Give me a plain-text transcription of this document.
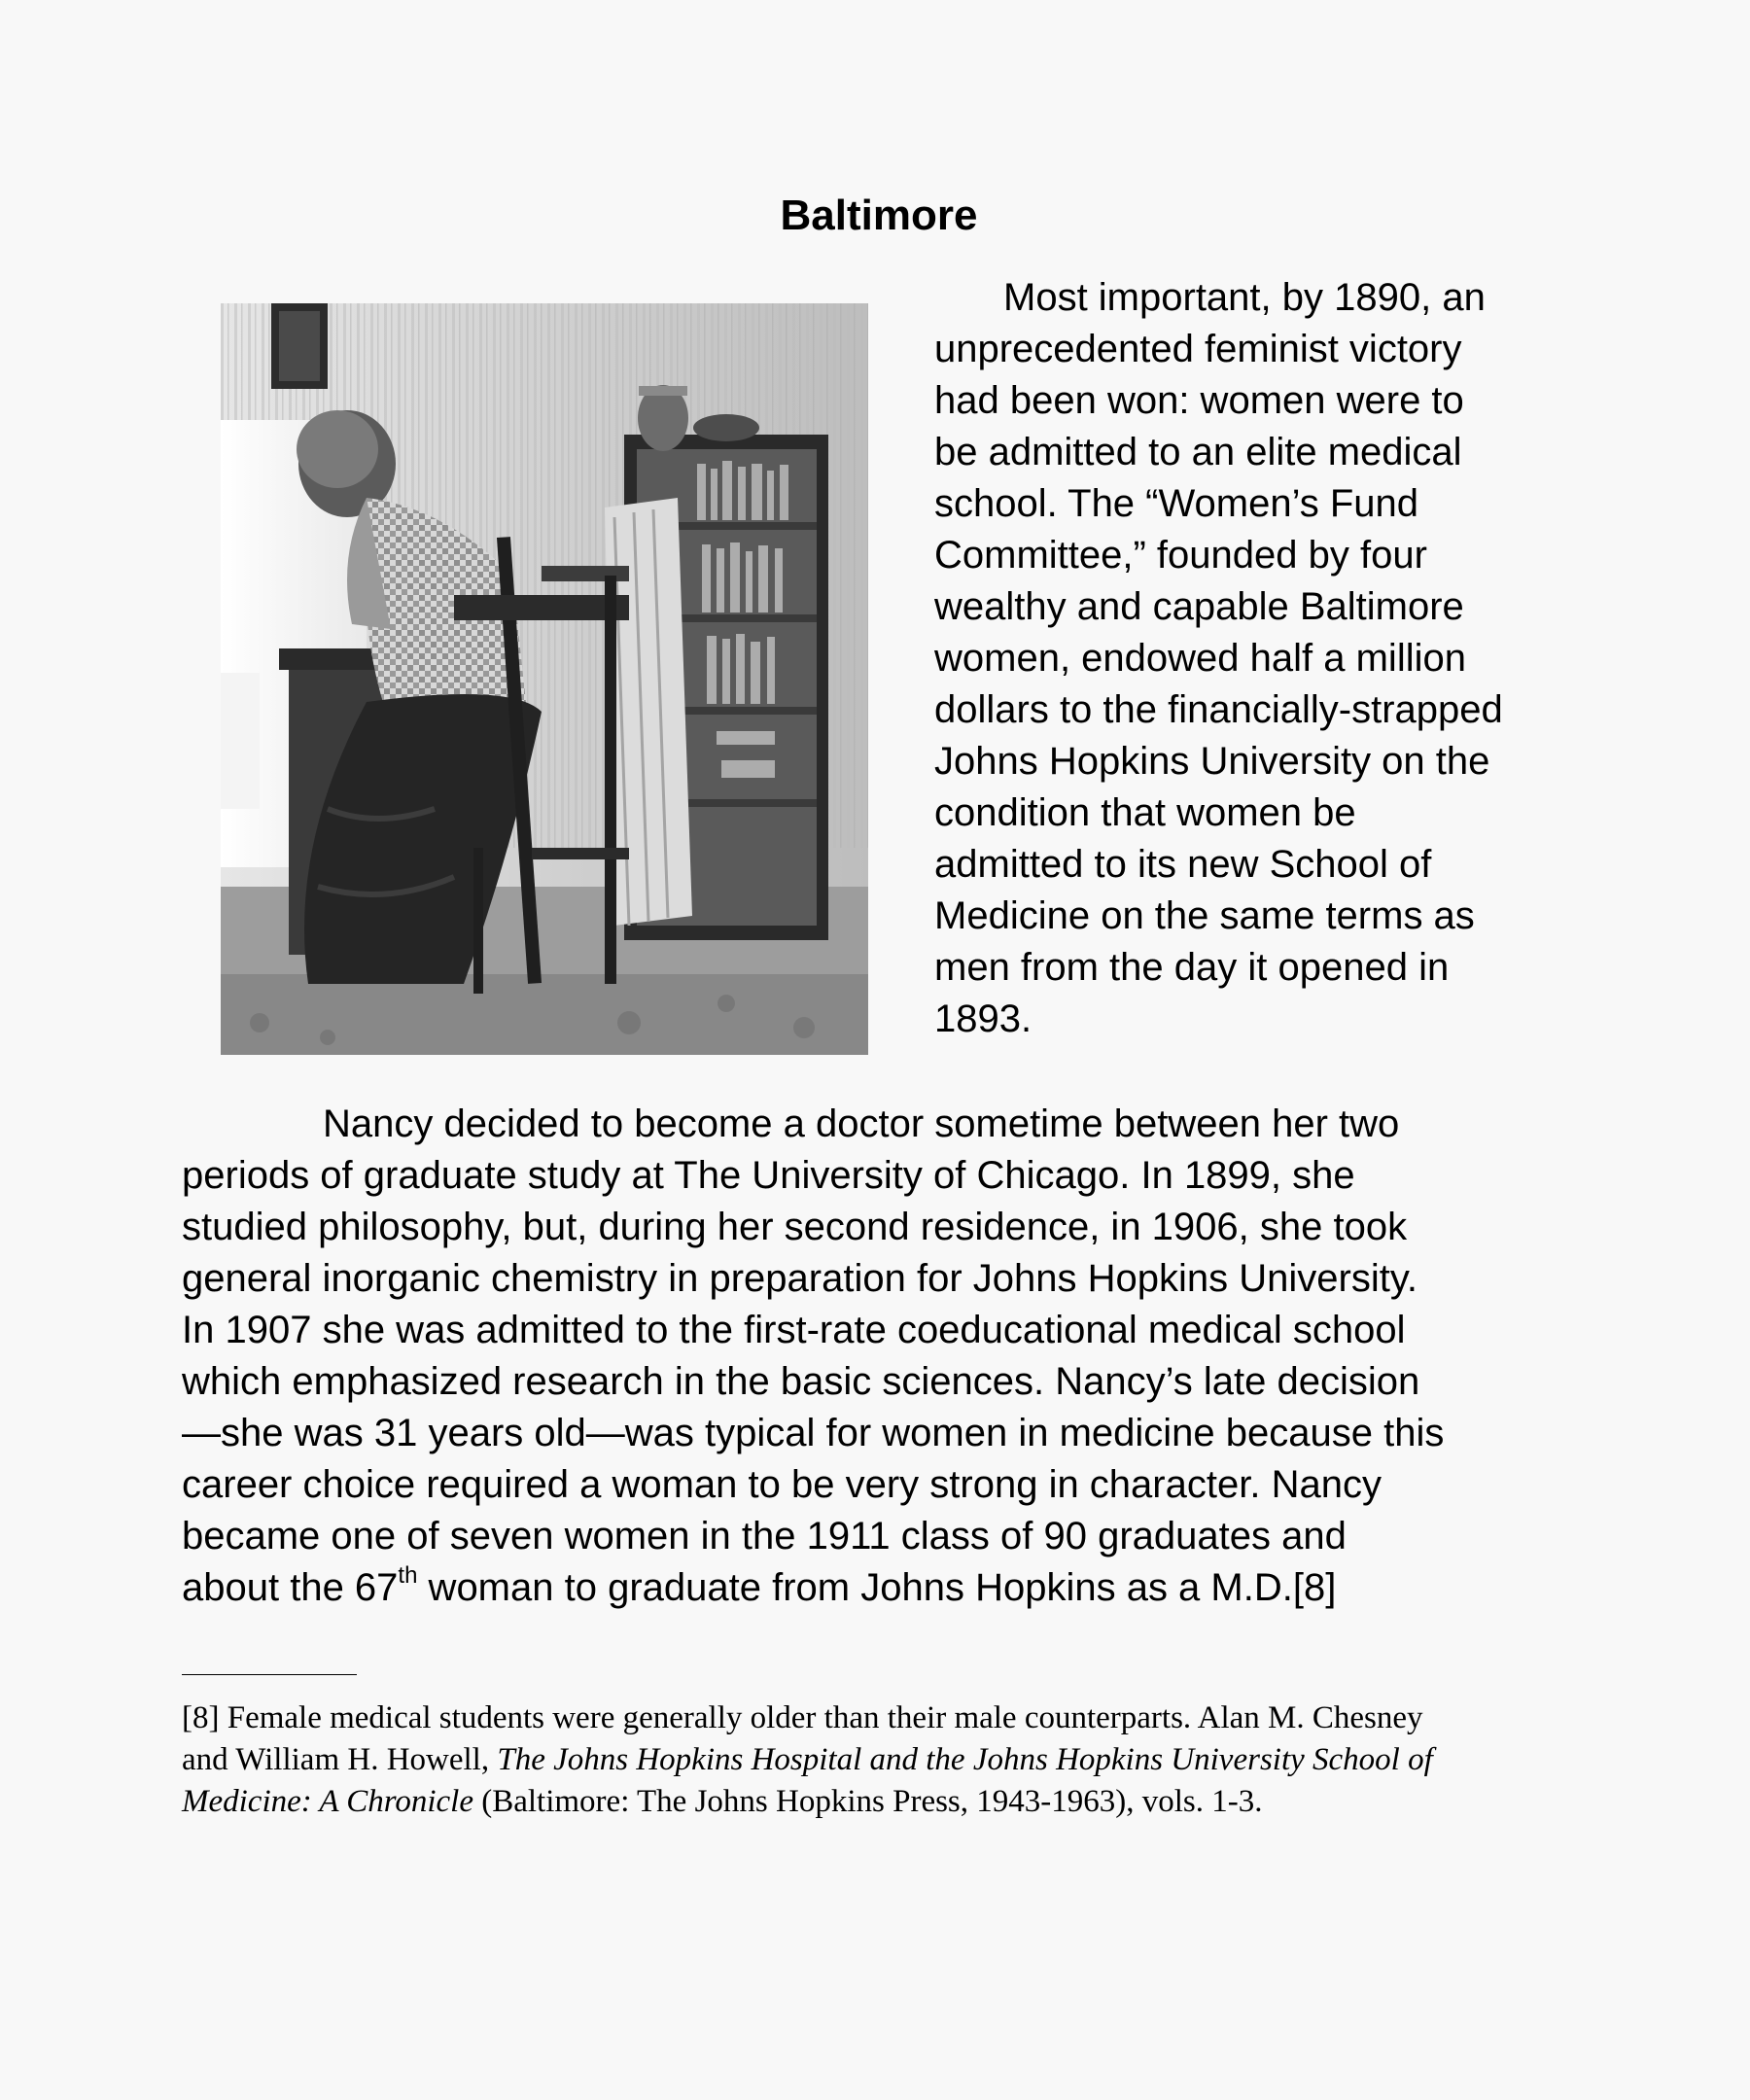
Baltimore
Most important, by 1890, an
unprecedented feminist victory
had been won: women were to
be admitted to an elite medical
school. The “Women’s Fund
Committee,” founded by four
wealthy and capable Baltimore
women, endowed half a million
dollars to the financially-strapped
Johns Hopkins University on the
condition that women be
admitted to its new School of
Medicine on the same terms as
men from the day it opened in
1893.
Nancy decided to become a doctor sometime between her two
periods of graduate study at The University of Chicago. In 1899, she
studied philosophy, but, during her second residence, in 1906, she took
general inorganic chemistry in preparation for Johns Hopkins University.
In 1907 she was admitted to the first-rate coeducational medical school
which emphasized research in the basic sciences. Nancy’s late decision
—she was 31 years old—was typical for women in medicine because this
career choice required a woman to be very strong in character. Nancy
became one of seven women in the 1911 class of 90 graduates and
about the 67th woman to graduate from Johns Hopkins as a M.D.[8]
[8] Female medical students were generally older than their male counterparts. Alan M. Chesney
and William H. Howell, The Johns Hopkins Hospital and the Johns Hopkins University School of
Medicine: A Chronicle (Baltimore: The Johns Hopkins Press, 1943-1963), vols. 1-3.
